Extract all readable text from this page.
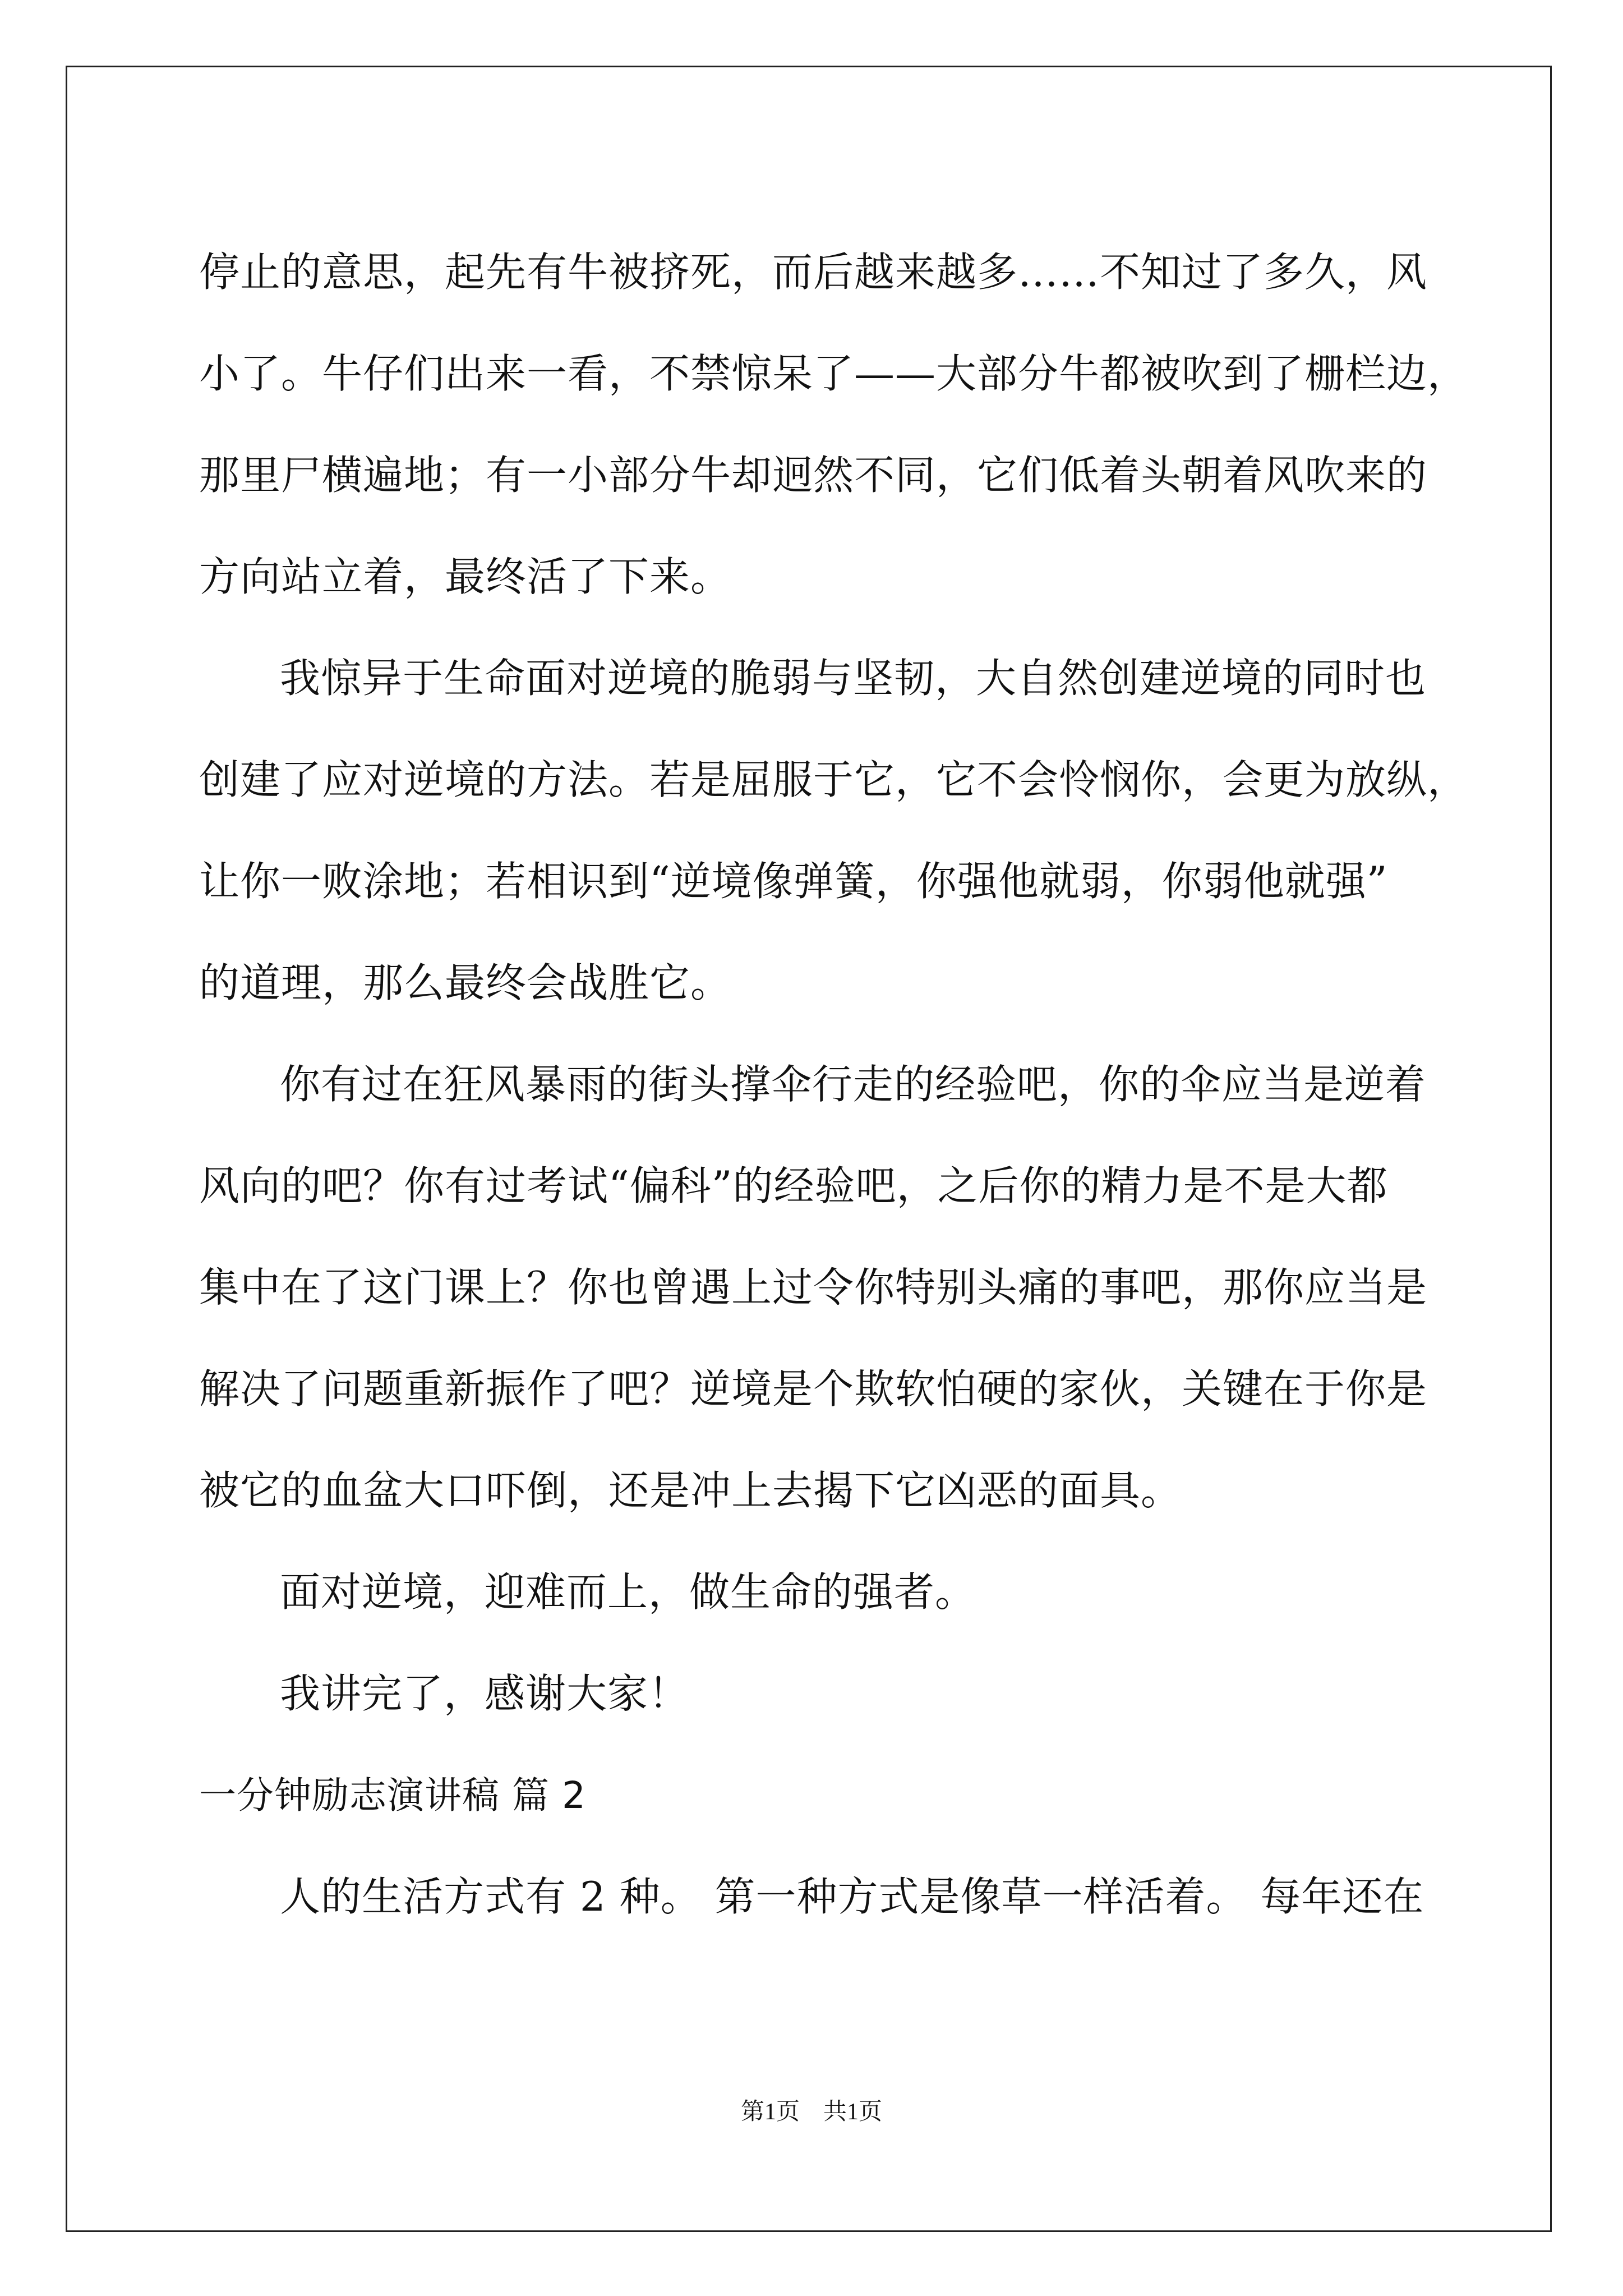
停止的意思，起先有牛被挤死，而后越来越多……不知过了多久，风
小了。牛仔们出来一看，不禁惊呆了——大部分牛都被吹到了栅栏边，
那里尸横遍地；有一小部分牛却迥然不同，它们低着头朝着风吹来的
方向站立着，最终活了下来。
我惊异于生命面对逆境的脆弱与坚韧，大自然创建逆境的同时也
创建了应对逆境的方法。若是屈服于它，它不会怜悯你，会更为放纵，
让你一败涂地；若相识到“逆境像弹簧，你强他就弱，你弱他就强”
的道理，那么最终会战胜它。
你有过在狂风暴雨的街头撑伞行走的经验吧，你的伞应当是逆着
风向的吧？你有过考试“偏科”的经验吧，之后你的精力是不是大都
集中在了这门课上？你也曾遇上过令你特别头痛的事吧，那你应当是
解决了问题重新振作了吧？逆境是个欺软怕硬的家伙，关键在于你是
被它的血盆大口吓倒，还是冲上去揭下它凶恶的面具。
面对逆境，迎难而上，做生命的强者。
我讲完了，感谢大家！
一分钟励志演讲稿 篇 2
人的生活方式有 2 种。 第一种方式是像草一样活着。 每年还在
第1页　共1页
